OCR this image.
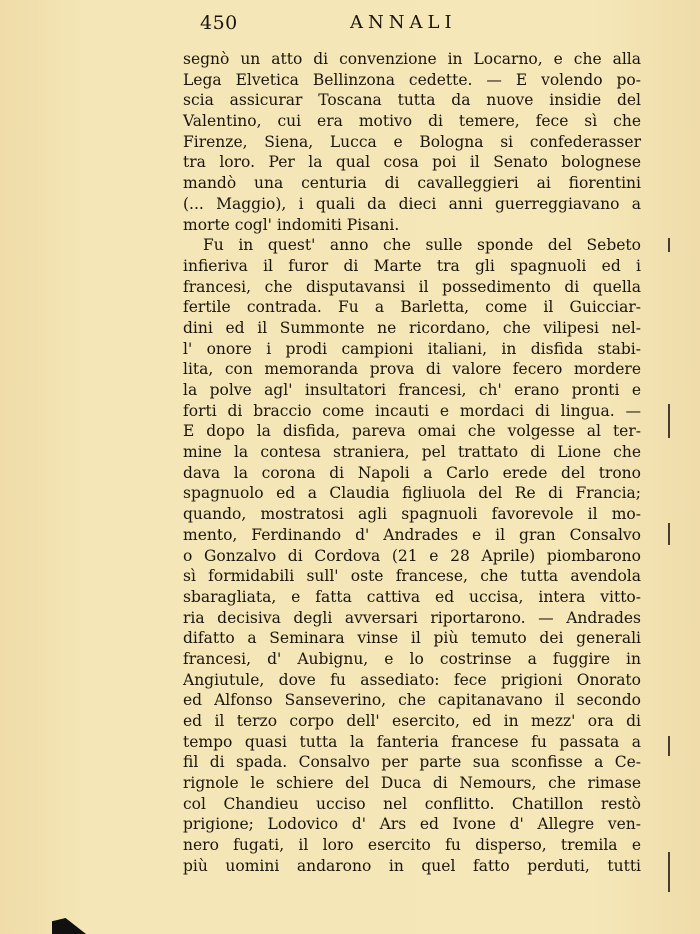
450	ANNALI
segnò un atto di convenzione in Locarno, e che alla
Lega Elvetica Bellinzona cedette. — E volendo po-
scia assicurar Toscana tutta da nuove insidie del
Valentino, cui era motivo di temere, fece sì che
Firenze, Siena, Lucca e Bologna si confederasser
tra loro. Per la qual cosa poi il Senato bolognese
mandò una centuria di cavalleggieri ai fiorentini
(... Maggio), i quali da dieci anni guerreggiavano a
morte cogl' indomiti Pisani.
Fu in quest' anno che sulle sponde del Sebeto
infieriva il furor di Marte tra gli spagnuoli ed i
francesi, che disputavansi il possedimento di quella
fertile contrada. Fu a Barletta, come il Guicciar-
dini ed il Summonte ne ricordano, che vilipesi nel-
l' onore i prodi campioni italiani, in disfida stabi-
lita, con memoranda prova di valore fecero mordere
la polve agl' insultatori francesi, ch' erano pronti e
forti di braccio come incauti e mordaci di lingua. —
E dopo la disfida, pareva omai che volgesse al ter-
mine la contesa straniera, pel trattato di Lione che
dava la corona di Napoli a Carlo erede del trono
spagnuolo ed a Claudia figliuola del Re di Francia;
quando, mostratosi agli spagnuoli favorevole il mo-
mento, Ferdinando d' Andrades e il gran Consalvo
o Gonzalvo di Cordova (21 e 28 Aprile) piombarono
sì formidabili sull' oste francese, che tutta avendola
sbaragliata, e fatta cattiva ed uccisa, intera vitto-
ria decisiva degli avversari riportarono. — Andrades
difatto a Seminara vinse il più temuto dei generali
francesi, d' Aubignu, e lo costrinse a fuggire in
Angiutule, dove fu assediato: fece prigioni Onorato
ed Alfonso Sanseverino, che capitanavano il secondo
ed il terzo corpo dell' esercito, ed in mezz' ora di
tempo quasi tutta la fanteria francese fu passata a
fil di spada. Consalvo per parte sua sconfisse a Ce-
rignole le schiere del Duca di Nemours, che rimase
col Chandieu ucciso nel conflitto. Chatillon restò
prigione; Lodovico d' Ars ed Ivone d' Allegre ven-
nero fugati, il loro esercito fu disperso, tremila e
più uomini andarono in quel fatto perduti, tutti
